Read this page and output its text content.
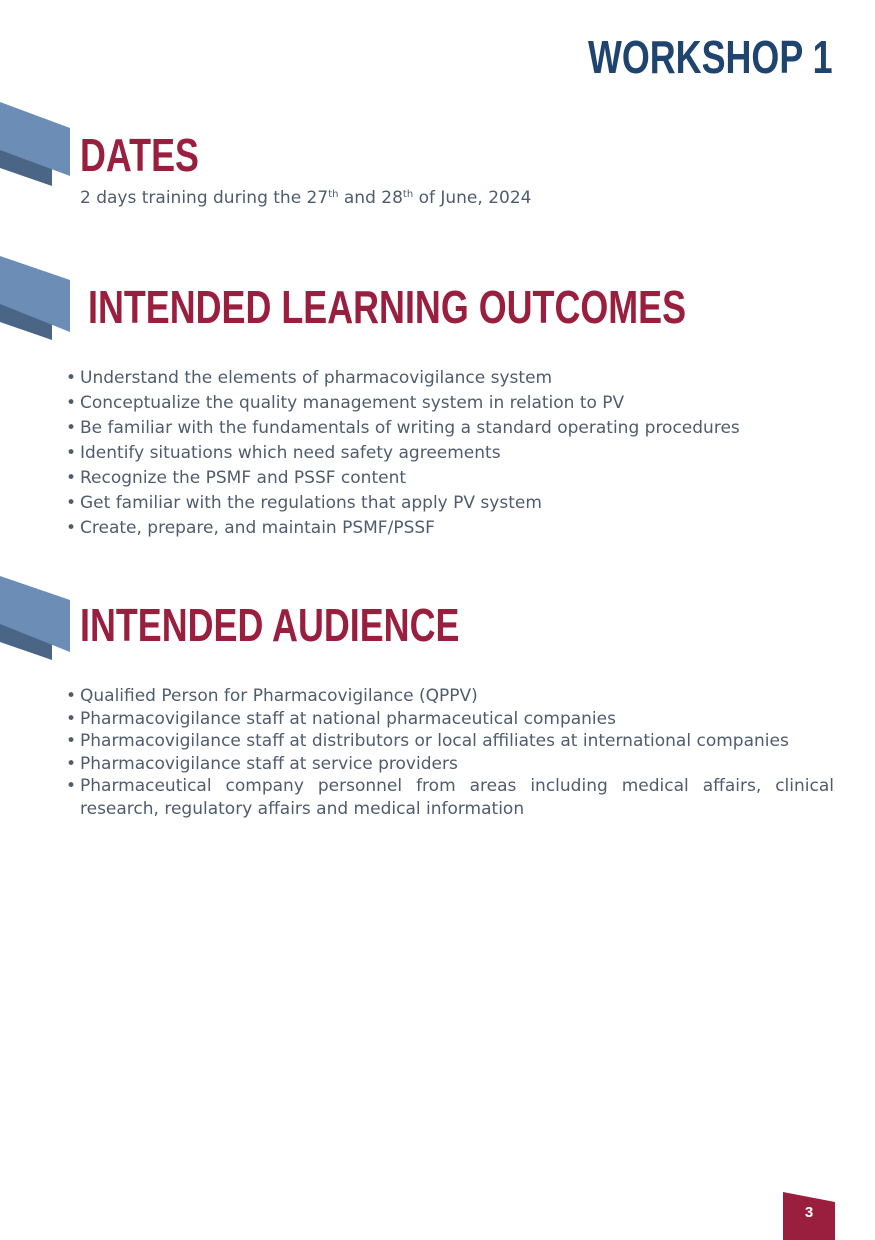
WORKSHOP 1
DATES
2 days training during the 27th and 28th of June, 2024
INTENDED LEARNING OUTCOMES
• Understand the elements of pharmacovigilance system
• Conceptualize the quality management system in relation to PV
• Be familiar with the fundamentals of writing a standard operating procedures
• Identify situations which need safety agreements
• Recognize the PSMF and PSSF content
• Get familiar with the regulations that apply PV system
• Create, prepare, and maintain PSMF/PSSF
INTENDED AUDIENCE
• Qualified Person for Pharmacovigilance (QPPV)
• Pharmacovigilance staff at national pharmaceutical companies
• Pharmacovigilance staff at distributors or local affiliates at international companies
• Pharmacovigilance staff at service providers
• Pharmaceutical company personnel from areas including medical affairs, clinical research, regulatory affairs and medical information
3
